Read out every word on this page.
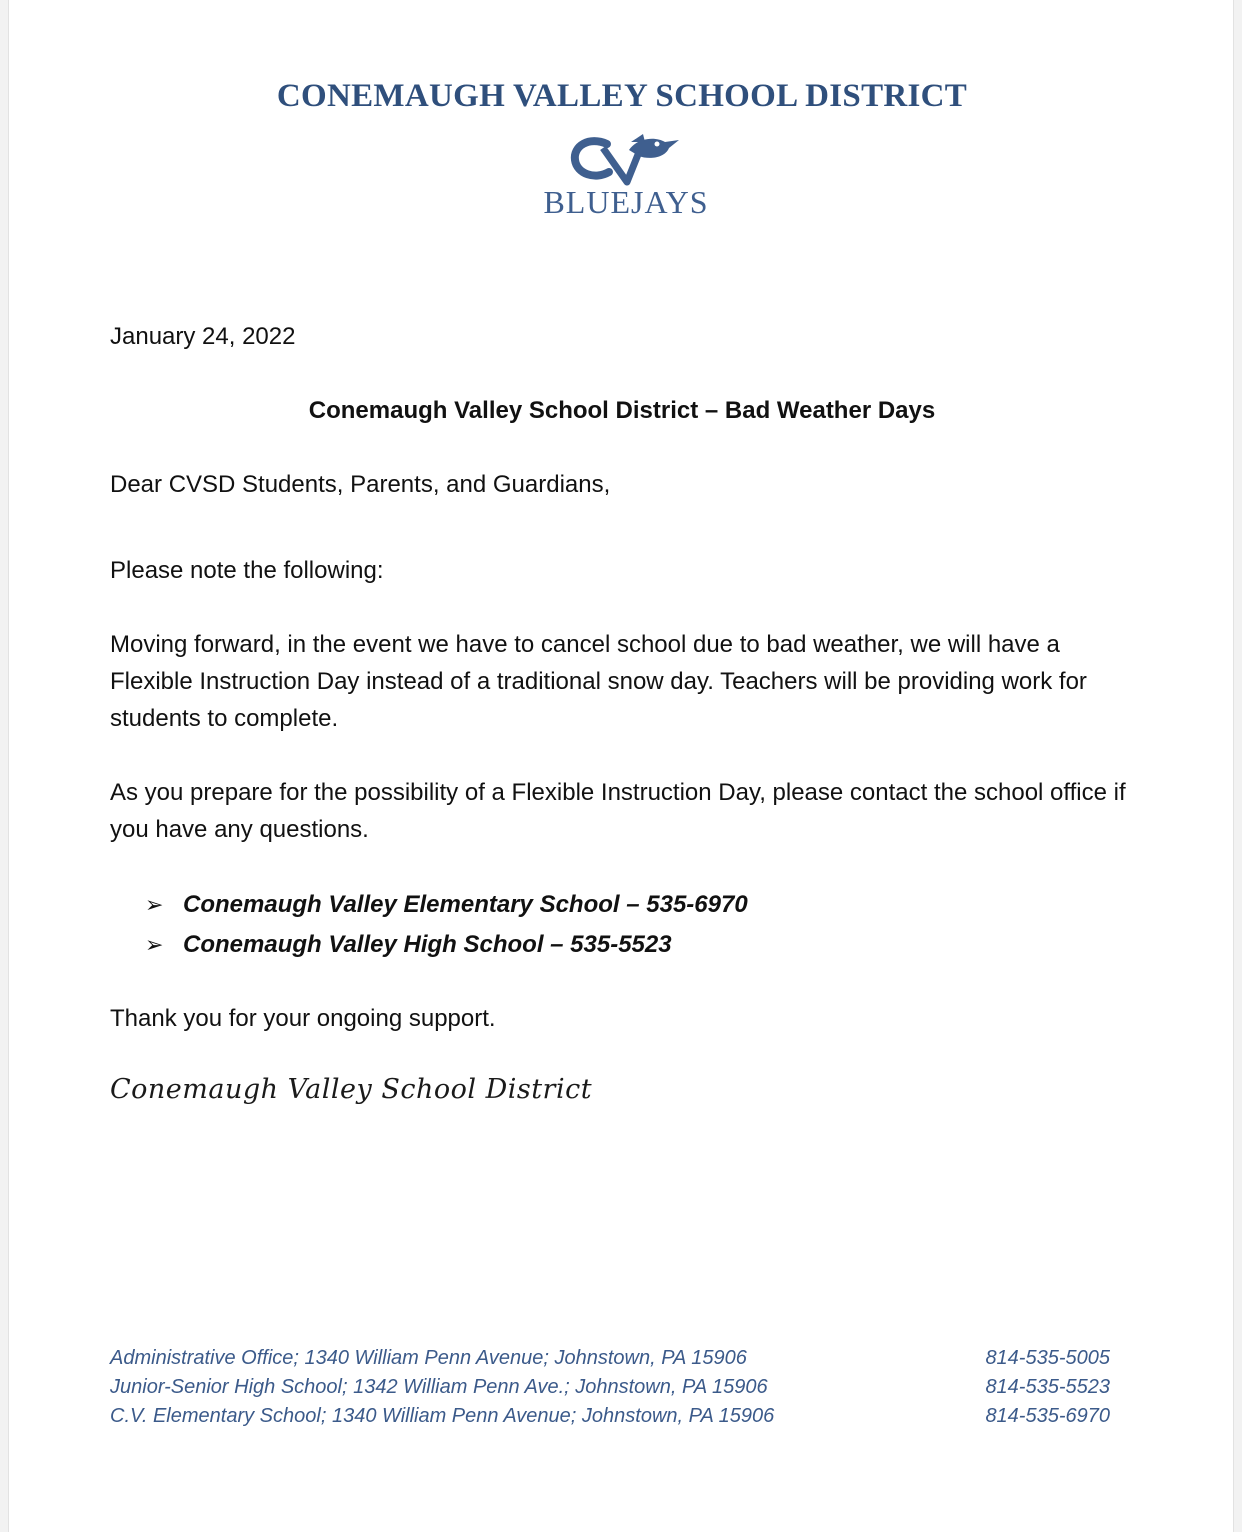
CONEMAUGH VALLEY SCHOOL DISTRICT
BLUEJAYS
January 24, 2022
Conemaugh Valley School District – Bad Weather Days
Dear CVSD Students, Parents, and Guardians,
Please note the following:
Moving forward, in the event we have to cancel school due to bad weather, we will have a Flexible Instruction Day instead of a traditional snow day. Teachers will be providing work for students to complete.
As you prepare for the possibility of a Flexible Instruction Day, please contact the school office if you have any questions.
➢ Conemaugh Valley Elementary School – 535-6970
➢ Conemaugh Valley High School – 535-5523
Thank you for your ongoing support.
Conemaugh Valley School District
Administrative Office; 1340 William Penn Avenue; Johnstown, PA 15906	814-535-5005
Junior-Senior High School; 1342 William Penn Ave.; Johnstown, PA 15906	814-535-5523
C.V. Elementary School; 1340 William Penn Avenue; Johnstown, PA 15906	814-535-6970
